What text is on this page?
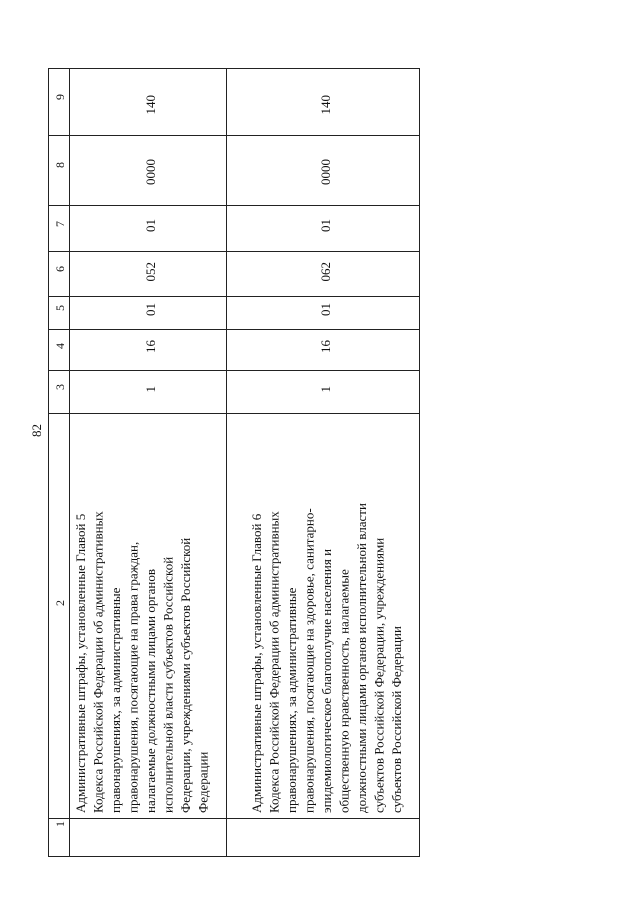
82
9
8
7
6
5
4
3
2
1
140
0000
01
052
01
16
1
Административные штрафы, установленные Главой 5
Кодекса Российской Федерации об административных
правонарушениях, за административные
правонарушения, посягающие на права граждан,
налагаемые должностными лицами органов
исполнительной власти субъектов Российской
Федерации, учреждениями субъектов Российской
Федерации
140
0000
01
062
01
16
1
Административные штрафы, установленные Главой 6
Кодекса Российской Федерации об административных
правонарушениях, за административные
правонарушения, посягающие на здоровье, санитарно-
эпидемиологическое благополучие населения и
общественную нравственность, налагаемые
должностными лицами органов исполнительной власти
субъектов Российской Федерации, учреждениями
субъектов Российской Федерации
